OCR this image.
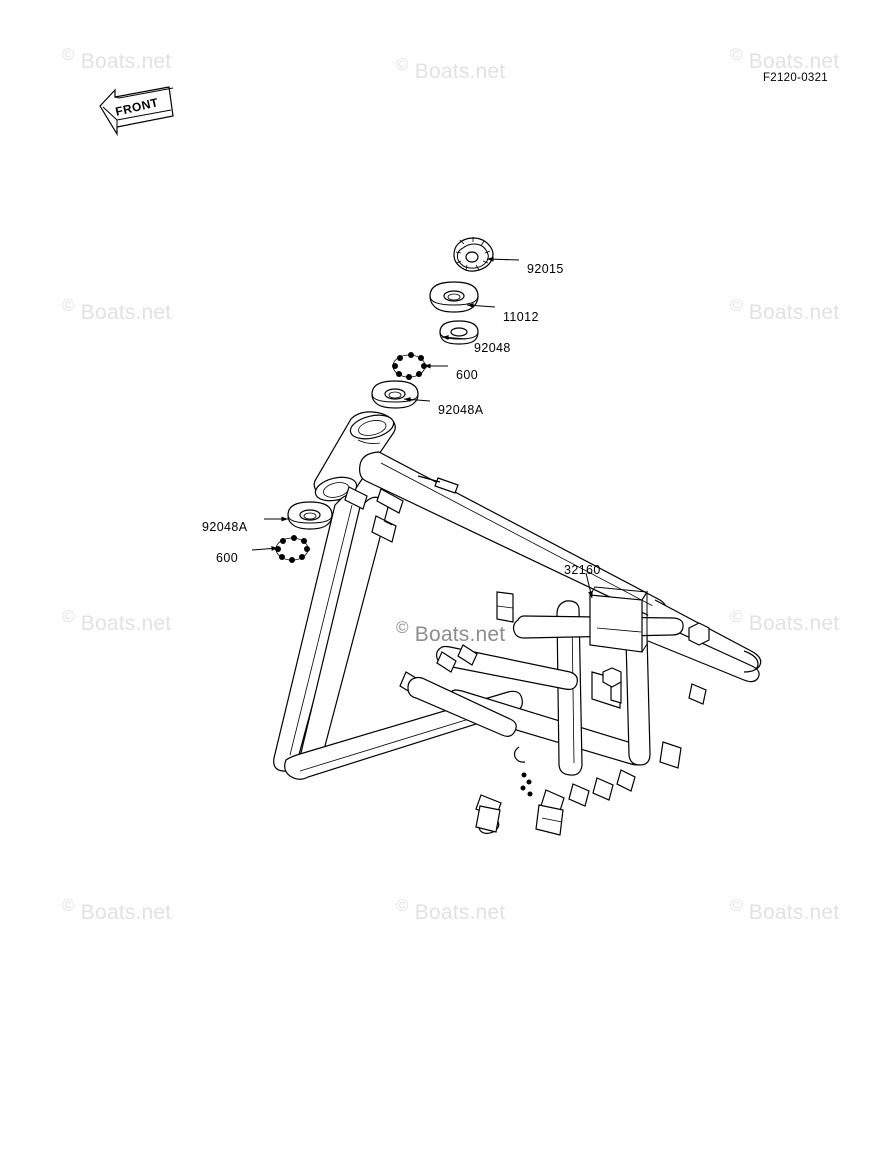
© Boats.net	© Boats.net
© Boats.net
© Boats.net	© Boats.net
© Boats.net	© Boats.net
© Boats.net
© Boats.net	© Boats.net	© Boats.net
F2120-0321
FRONT
92015
11012
92048
600
92048A
92048A
600
32160
